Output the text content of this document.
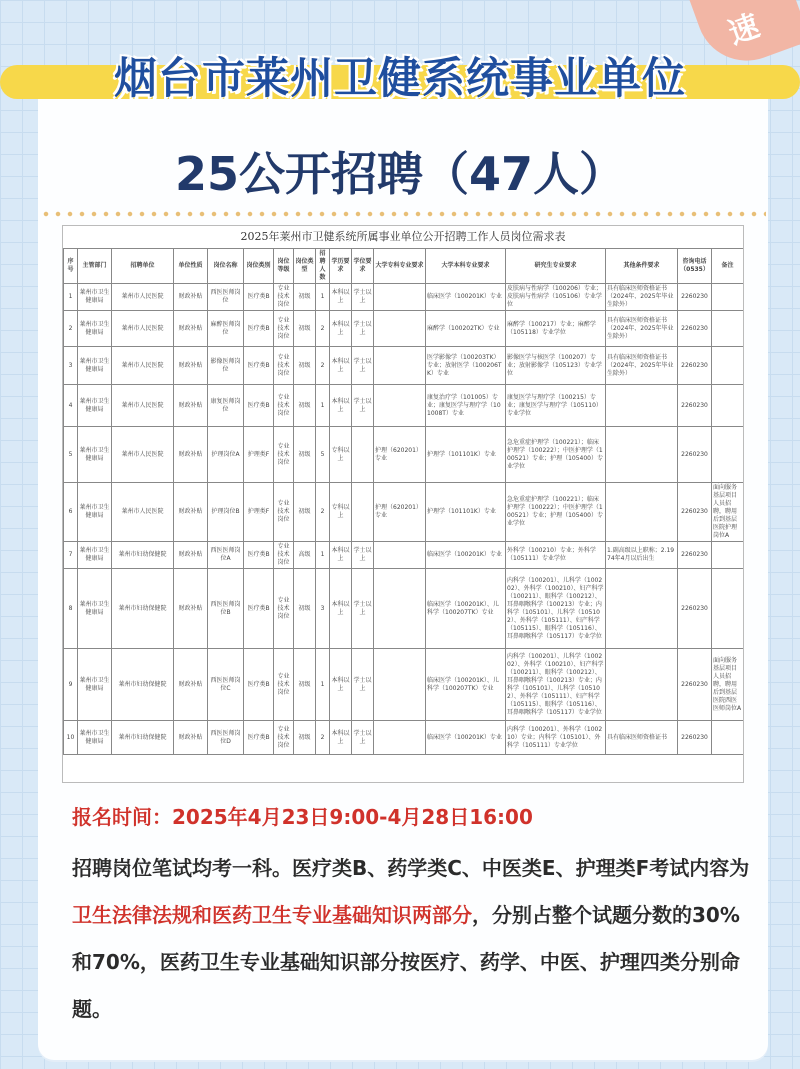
速
烟台市莱州卫健系统事业单位
25公开招聘（47人）
2025年莱州市卫健系统所属事业单位公开招聘工作人员岗位需求表
序号	主管部门	招聘单位	单位性质	岗位名称	岗位类别	岗位等级	岗位类型	招聘人数	学历要求	学位要求	大学专科专业要求	大学本科专业要求	研究生专业要求	其他条件要求	咨询电话（0535）	备注
1	莱州市卫生健康局	莱州市人民医院	财政补贴	西医医师岗位	医疗类B	专业技术岗位	初级	1	本科以上	学士以上		临床医学（100201K）专业	皮肤病与性病学（100206）专业；皮肤病与性病学（105106）专业学位	具有临床医师资格证书（2024年、2025年毕业生除外）	2260230	
2	莱州市卫生健康局	莱州市人民医院	财政补贴	麻醉医师岗位	医疗类B	专业技术岗位	初级	2	本科以上	学士以上		麻醉学（100202TK）专业	麻醉学（100217）专业；麻醉学（105118）专业学位	具有临床医师资格证书（2024年、2025年毕业生除外）	2260230	
3	莱州市卫生健康局	莱州市人民医院	财政补贴	影像医师岗位	医疗类B	专业技术岗位	初级	2	本科以上	学士以上		医学影像学（100203TK）专业；放射医学（100206TK）专业	影像医学与核医学（100207）专业；放射影像学（105123）专业学位	具有临床医师资格证书（2024年、2025年毕业生除外）	2260230	
4	莱州市卫生健康局	莱州市人民医院	财政补贴	康复医师岗位	医疗类B	专业技术岗位	初级	1	本科以上	学士以上		康复治疗学（101005）专业；康复医学与理疗学（101008T）专业	康复医学与理疗学（100215）专业；康复医学与理疗学（105110）专业学位		2260230	
5	莱州市卫生健康局	莱州市人民医院	财政补贴	护理岗位A	护理类F	专业技术岗位	初级	5	专科以上		护理（620201）专业	护理学（101101K）专业	急危重症护理学（100221）；临床护理学（100222）；中医护理学（100521）专业；护理（105400）专业学位		2260230	
6	莱州市卫生健康局	莱州市人民医院	财政补贴	护理岗位B	护理类F	专业技术岗位	初级	2	专科以上		护理（620201）专业	护理学（101101K）专业	急危重症护理学（100221）；临床护理学（100222）；中医护理学（100521）专业；护理（105400）专业学位		2260230	面向服务基层项目人员招聘，聘用后到基层医院护理岗位A
7	莱州市卫生健康局	莱州市妇幼保健院	财政补贴	西医医师岗位A	医疗类B	专业技术岗位	高级	1	本科以上	学士以上		临床医学（100201K）专业	外科学（100210）专业；外科学（105111）专业学位	1.副高级以上职称；2.1974年4月以后出生	2260230	
8	莱州市卫生健康局	莱州市妇幼保健院	财政补贴	西医医师岗位B	医疗类B	专业技术岗位	初级	3	本科以上	学士以上		临床医学（100201K）、儿科学（100207TK）专业	内科学（100201）、儿科学（100202）、外科学（100210）、妇产科学（100211）、眼科学（100212）、耳鼻咽喉科学（100213）专业；内科学（105101）、儿科学（105102）、外科学（105111）、妇产科学（105115）、眼科学（105116）、耳鼻咽喉科学（105117）专业学位		2260230	
9	莱州市卫生健康局	莱州市妇幼保健院	财政补贴	西医医师岗位C	医疗类B	专业技术岗位	初级	1	本科以上	学士以上		临床医学（100201K）、儿科学（100207TK）专业	内科学（100201）、儿科学（100202）、外科学（100210）、妇产科学（100211）、眼科学（100212）、耳鼻咽喉科学（100213）专业；内科学（105101）、儿科学（105102）、外科学（105111）、妇产科学（105115）、眼科学（105116）、耳鼻咽喉科学（105117）专业学位		2260230	面向服务基层项目人员招聘，聘用后到基层医院西医医师岗位A
10	莱州市卫生健康局	莱州市妇幼保健院	财政补贴	西医医师岗位D	医疗类B	专业技术岗位	初级	2	本科以上	学士以上		临床医学（100201K）专业	内科学（100201）、外科学（100210）专业；内科学（105101）、外科学（105111）专业学位	具有临床医师资格证书	2260230	
报名时间：2025年4月23日9:00-4月28日16:00
招聘岗位笔试均考一科。医疗类B、药学类C、中医类E、护理类F考试内容为卫生法律法规和医药卫生专业基础知识两部分，分别占整个试题分数的30%和70%，医药卫生专业基础知识部分按医疗、药学、中医、护理四类分别命题。
